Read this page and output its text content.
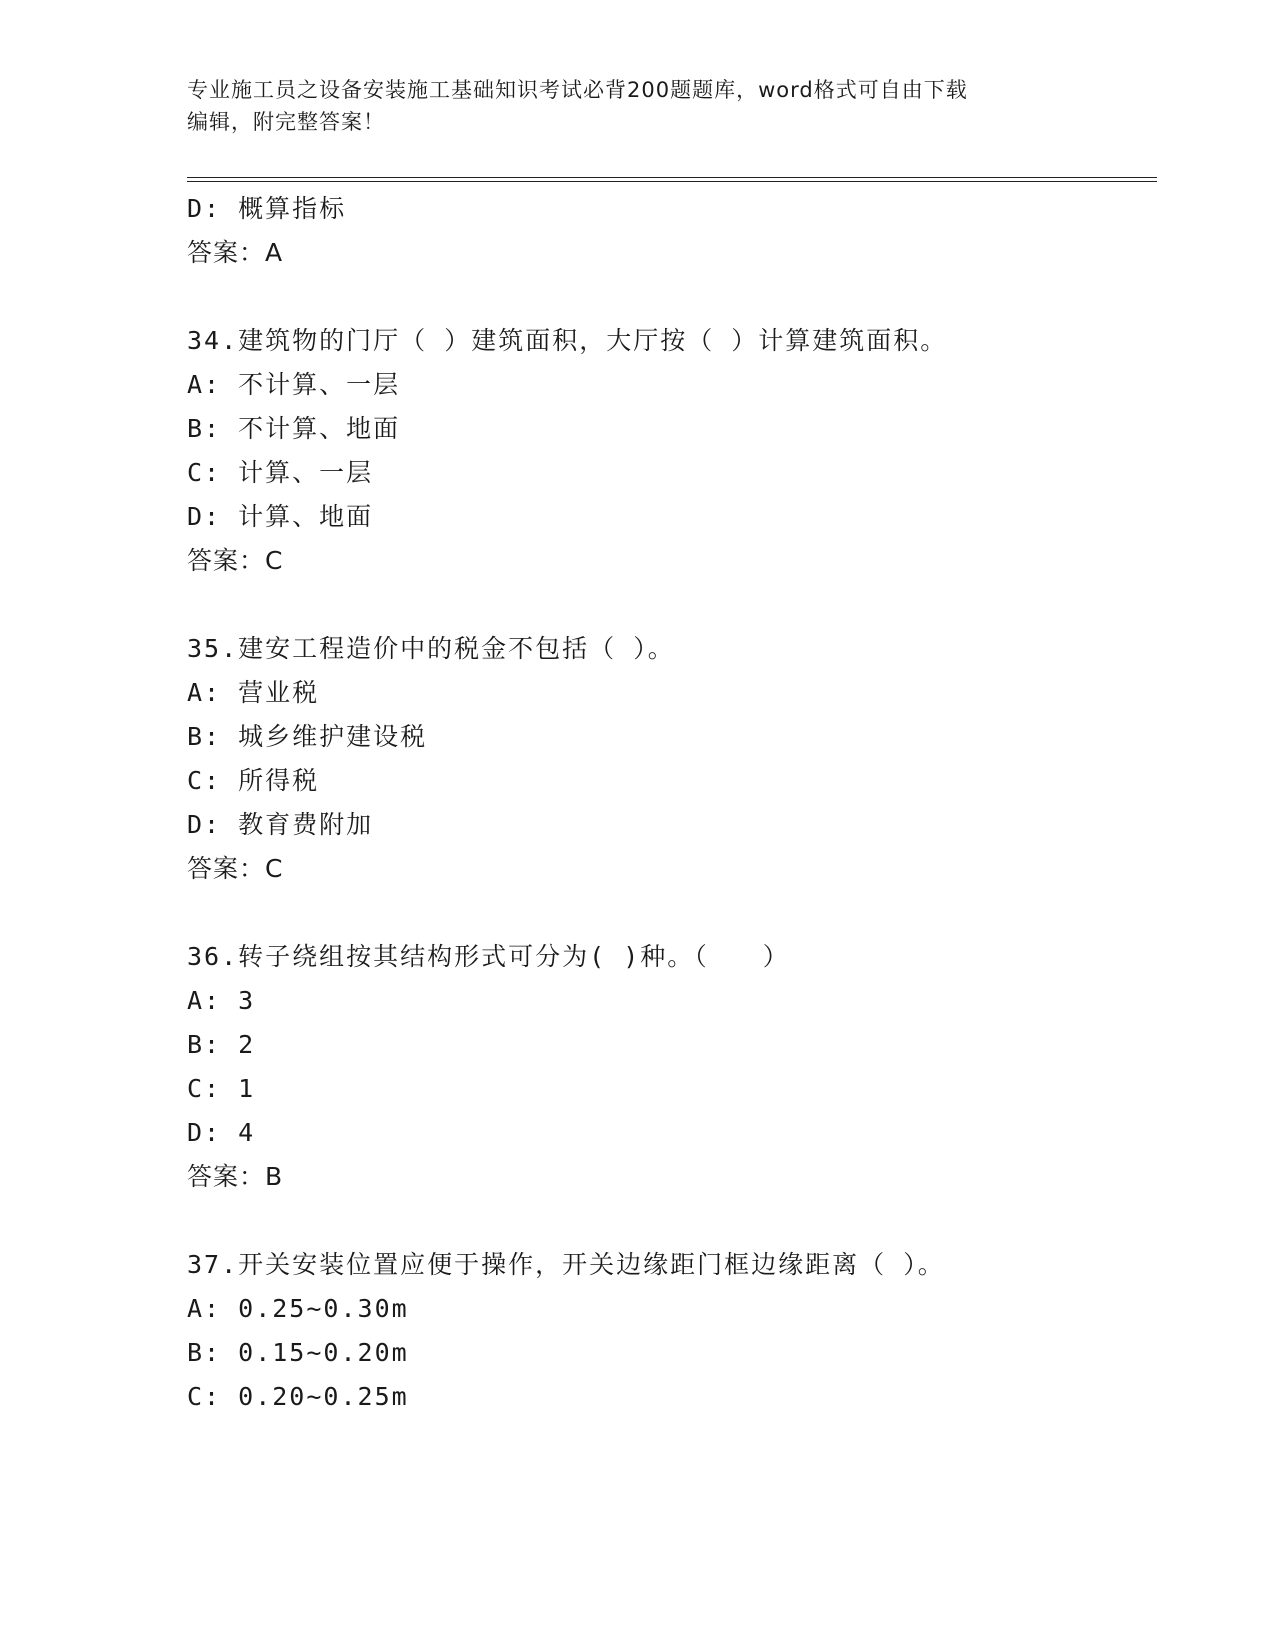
专业施工员之设备安装施工基础知识考试必背200题题库，word格式可自由下载
编辑，附完整答案！
D: 概算指标
答案：A
34.建筑物的门厅（ ）建筑面积，大厅按（ ）计算建筑面积。
A: 不计算、一层
B: 不计算、地面
C: 计算、一层
D: 计算、地面
答案：C
35.建安工程造价中的税金不包括（ ）。
A: 营业税
B: 城乡维护建设税
C: 所得税
D: 教育费附加
答案：C
36.转子绕组按其结构形式可分为( )种。（　　）
A: 3
B: 2
C: 1
D: 4
答案：B
37.开关安装位置应便于操作，开关边缘距门框边缘距离（ ）。
A: 0.25~0.30m
B: 0.15~0.20m
C: 0.20~0.25m
